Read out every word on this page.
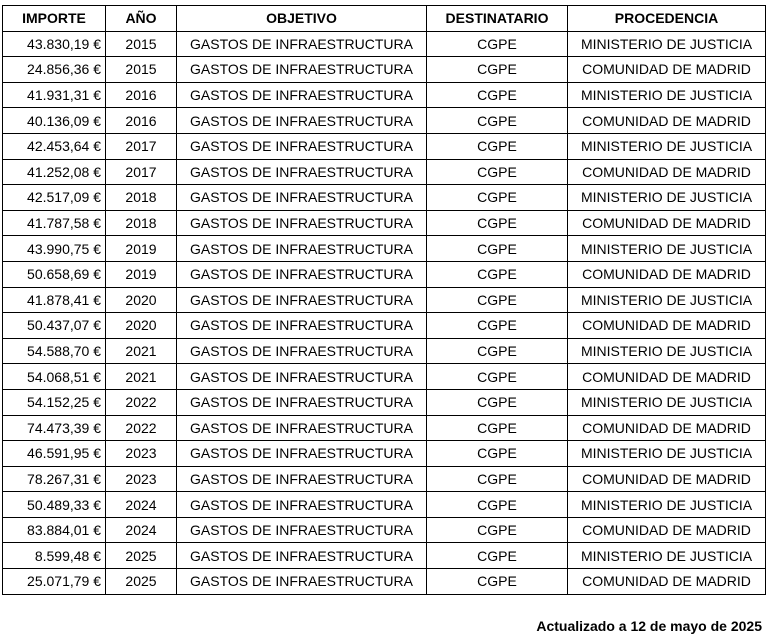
IMPORTE	AÑO	OBJETIVO	DESTINATARIO	PROCEDENCIA
43.830,19 €	2015	GASTOS DE INFRAESTRUCTURA	CGPE	MINISTERIO DE JUSTICIA
24.856,36 €	2015	GASTOS DE INFRAESTRUCTURA	CGPE	COMUNIDAD DE MADRID
41.931,31 €	2016	GASTOS DE INFRAESTRUCTURA	CGPE	MINISTERIO DE JUSTICIA
40.136,09 €	2016	GASTOS DE INFRAESTRUCTURA	CGPE	COMUNIDAD DE MADRID
42.453,64 €	2017	GASTOS DE INFRAESTRUCTURA	CGPE	MINISTERIO DE JUSTICIA
41.252,08 €	2017	GASTOS DE INFRAESTRUCTURA	CGPE	COMUNIDAD DE MADRID
42.517,09 €	2018	GASTOS DE INFRAESTRUCTURA	CGPE	MINISTERIO DE JUSTICIA
41.787,58 €	2018	GASTOS DE INFRAESTRUCTURA	CGPE	COMUNIDAD DE MADRID
43.990,75 €	2019	GASTOS DE INFRAESTRUCTURA	CGPE	MINISTERIO DE JUSTICIA
50.658,69 €	2019	GASTOS DE INFRAESTRUCTURA	CGPE	COMUNIDAD DE MADRID
41.878,41 €	2020	GASTOS DE INFRAESTRUCTURA	CGPE	MINISTERIO DE JUSTICIA
50.437,07 €	2020	GASTOS DE INFRAESTRUCTURA	CGPE	COMUNIDAD DE MADRID
54.588,70 €	2021	GASTOS DE INFRAESTRUCTURA	CGPE	MINISTERIO DE JUSTICIA
54.068,51 €	2021	GASTOS DE INFRAESTRUCTURA	CGPE	COMUNIDAD DE MADRID
54.152,25 €	2022	GASTOS DE INFRAESTRUCTURA	CGPE	MINISTERIO DE JUSTICIA
74.473,39 €	2022	GASTOS DE INFRAESTRUCTURA	CGPE	COMUNIDAD DE MADRID
46.591,95 €	2023	GASTOS DE INFRAESTRUCTURA	CGPE	MINISTERIO DE JUSTICIA
78.267,31 €	2023	GASTOS DE INFRAESTRUCTURA	CGPE	COMUNIDAD DE MADRID
50.489,33 €	2024	GASTOS DE INFRAESTRUCTURA	CGPE	MINISTERIO DE JUSTICIA
83.884,01 €	2024	GASTOS DE INFRAESTRUCTURA	CGPE	COMUNIDAD DE MADRID
8.599,48 €	2025	GASTOS DE INFRAESTRUCTURA	CGPE	MINISTERIO DE JUSTICIA
25.071,79 €	2025	GASTOS DE INFRAESTRUCTURA	CGPE	COMUNIDAD DE MADRID
Actualizado a 12 de mayo de 2025
